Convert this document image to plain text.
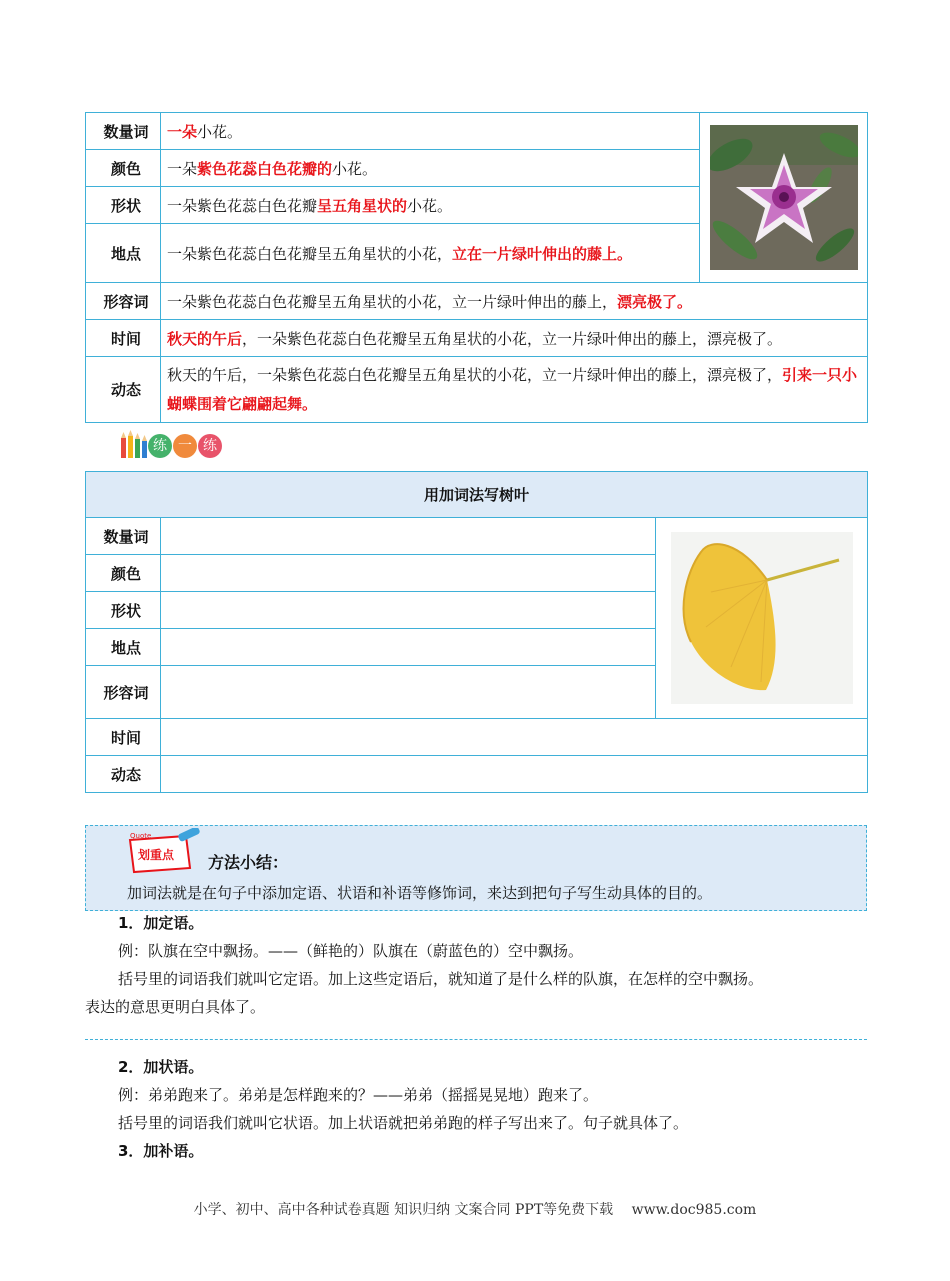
数量词	一朵小花。	

颜色	一朵紫色花蕊白色花瓣的小花。	
形状	一朵紫色花蕊白色花瓣呈五角星状的小花。	
地点	一朵紫色花蕊白色花瓣呈五角星状的小花，立在一片绿叶伸出的藤上。	
形容词	一朵紫色花蕊白色花瓣呈五角星状的小花，立一片绿叶伸出的藤上，漂亮极了。	
时间	秋天的午后，一朵紫色花蕊白色花瓣呈五角星状的小花，立一片绿叶伸出的藤上，漂亮极了。	
动态	秋天的午后，一朵紫色花蕊白色花瓣呈五角星状的小花，立一片绿叶伸出的藤上，漂亮极了，引来一只小蝴蝶围着它翩翩起舞。	
练 一 练
用加词法写树叶		
数量词		

颜色		
形状		
地点		
形容词		
时间		
动态		
Quote
划重点 方法小结：
加词法就是在句子中添加定语、状语和补语等修饰词，来达到把句子写生动具体的目的。
1．加定语。
例：队旗在空中飘扬。——（鲜艳的）队旗在（蔚蓝色的）空中飘扬。
括号里的词语我们就叫它定语。加上这些定语后，就知道了是什么样的队旗，在怎样的空中飘扬。
表达的意思更明白具体了。
2．加状语。
例：弟弟跑来了。弟弟是怎样跑来的？——弟弟（摇摇晃晃地）跑来了。
括号里的词语我们就叫它状语。加上状语就把弟弟跑的样子写出来了。句子就具体了。
3．加补语。
小学、初中、高中各种试卷真题 知识归纳 文案合同 PPT等免费下载　 www.doc985.com
